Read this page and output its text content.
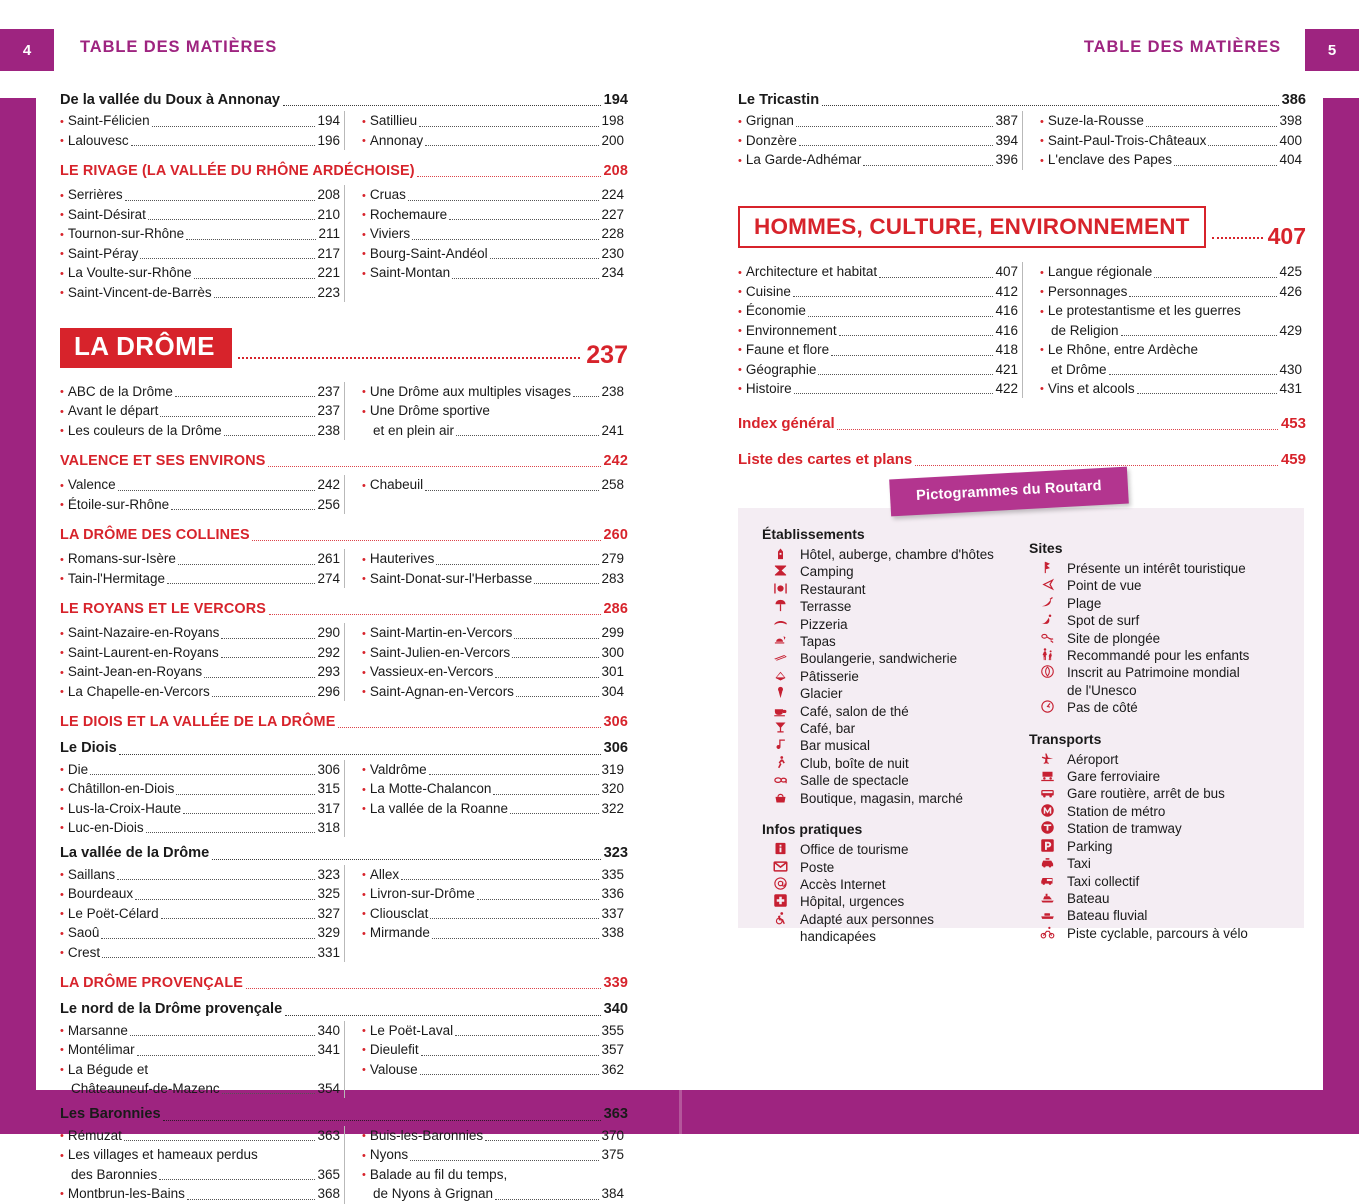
4	TABLE DES MATIÈRES	5
TABLE DES MATIÈRES
De la vallée du Doux à Annonay	194
• Saint-Félicien	194
• Lalouvesc	196
• Satillieu	198
• Annonay	200
LE RIVAGE (LA VALLÉE DU RHÔNE ARDÉCHOISE)	208
• Serrières	208
• Saint-Désirat	210
• Tournon-sur-Rhône	211
• Saint-Péray	217
• La Voulte-sur-Rhône	221
• Saint-Vincent-de-Barrès	223
• Cruas	224
• Rochemaure	227
• Viviers	228
• Bourg-Saint-Andéol	230
• Saint-Montan	234
LA DRÔME	237
• ABC de la Drôme	237
• Avant le départ	237
• Les couleurs de la Drôme	238
• Une Drôme aux multiples visages 238
• Une Drôme sportive
et en plein air	241
VALENCE ET SES ENVIRONS	242
• Valence	242
• Étoile-sur-Rhône	256
• Chabeuil	258
LA DRÔME DES COLLINES	260
• Romans-sur-Isère	261
• Tain-l'Hermitage	274
• Hauterives	279
• Saint-Donat-sur-l'Herbasse	283
LE ROYANS ET LE VERCORS	286
• Saint-Nazaire-en-Royans	290
• Saint-Laurent-en-Royans	292
• Saint-Jean-en-Royans	293
• La Chapelle-en-Vercors	296
• Saint-Martin-en-Vercors	299
• Saint-Julien-en-Vercors	300
• Vassieux-en-Vercors	301
• Saint-Agnan-en-Vercors	304
LE DIOIS ET LA VALLÉE DE LA DRÔME	306
Le Diois	306
• Die	306
• Châtillon-en-Diois	315
• Lus-la-Croix-Haute	317
• Luc-en-Diois	318
• Valdrôme	319
• La Motte-Chalancon	320
• La vallée de la Roanne	322
La vallée de la Drôme	323
• Saillans	323
• Bourdeaux	325
• Le Poët-Célard	327
• Saoû	329
• Crest	331
• Allex	335
• Livron-sur-Drôme	336
• Cliousclat	337
• Mirmande	338
LA DRÔME PROVENÇALE	339
Le nord de la Drôme provençale	340
• Marsanne	340
• Montélimar	341
• La Bégude et
Châteauneuf-de-Mazenc	354
• Le Poët-Laval	355
• Dieulefit	357
• Valouse	362
Les Baronnies	363
• Rémuzat	363
• Les villages et hameaux perdus
des Baronnies	365
• Montbrun-les-Bains	368
• Buis-les-Baronnies	370
• Nyons	375
• Balade au fil du temps,
de Nyons à Grignan	384
Le Tricastin	386
• Grignan	387
• Donzère	394
• La Garde-Adhémar	396
• Suze-la-Rousse	398
• Saint-Paul-Trois-Châteaux	400
• L'enclave des Papes	404
HOMMES, CULTURE, ENVIRONNEMENT	407
• Architecture et habitat	407
• Cuisine	412
• Économie	416
• Environnement	416
• Faune et flore	418
• Géographie	421
• Histoire	422
• Langue régionale	425
• Personnages	426
• Le protestantisme et les guerres
de Religion	429
• Le Rhône, entre Ardèche
et Drôme	430
• Vins et alcools	431
Index général	453
Liste des cartes et plans	459
Établissements
Hôtel, auberge, chambre d'hôtes
Camping
Restaurant
Terrasse
Pizzeria
Tapas
Boulangerie, sandwicherie
Pâtisserie
Glacier
Café, salon de thé
Café, bar
Bar musical
Club, boîte de nuit
Salle de spectacle
Boutique, magasin, marché
Infos pratiques
Office de tourisme
Poste
Accès Internet
Hôpital, urgences
Adapté aux personnes
handicapées
Sites
Présente un intérêt touristique
Point de vue
Plage
Spot de surf
Site de plongée
Recommandé pour les enfants
Inscrit au Patrimoine mondial
de l'Unesco
Pas de côté
Transports
Aéroport
Gare ferroviaire
Gare routière, arrêt de bus
Station de métro
Station de tramway
Parking
Taxi
Taxi collectif
Bateau
Bateau fluvial
Piste cyclable, parcours à vélo
Pictogrammes du Routard
